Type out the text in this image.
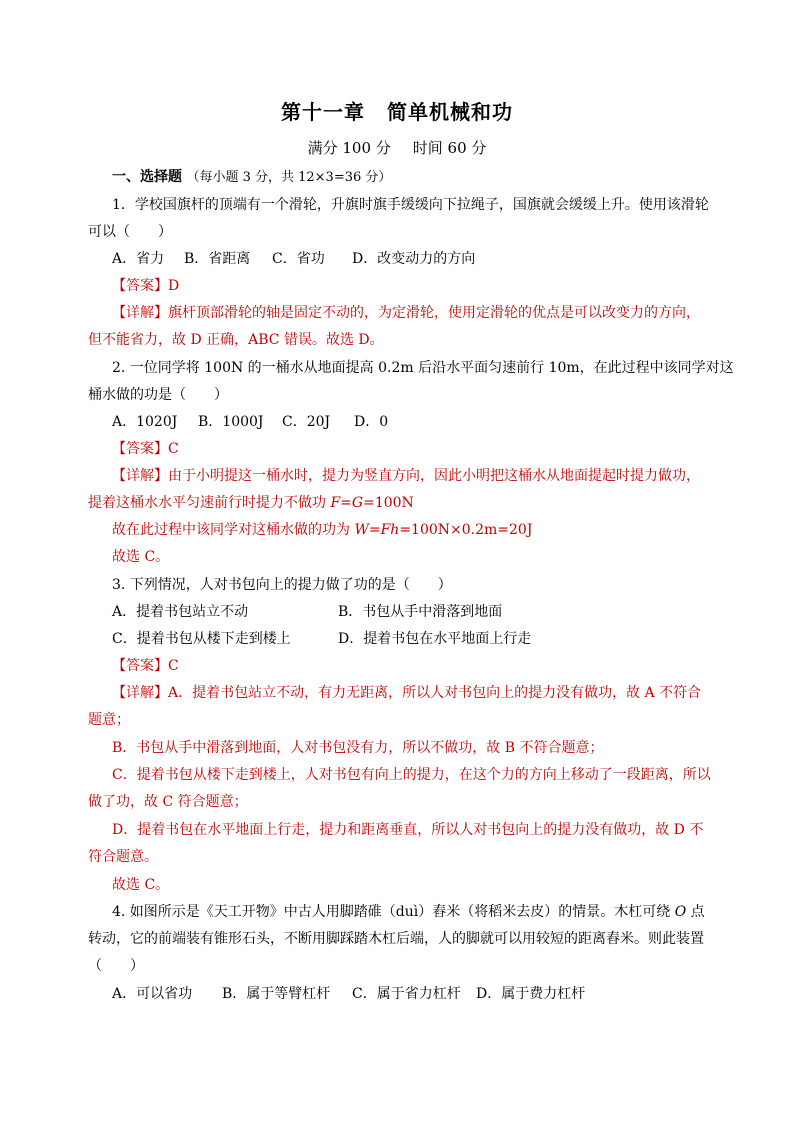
第十一章 简单机械和功
满分 100 分 时间 60 分
一、选择题 （每小题 3 分，共 12×3=36 分）
1．学校国旗杆的顶端有一个滑轮，升旗时旗手缓缓向下拉绳子，国旗就会缓缓上升。使用该滑轮
可以（　　）
A．省力 B．省距离 C．省功 D．改变动力的方向
【答案】D
【详解】旗杆顶部滑轮的轴是固定不动的，为定滑轮，使用定滑轮的优点是可以改变力的方向，
但不能省力，故 D 正确，ABC 错误。故选 D。
2. 一位同学将 100N 的一桶水从地面提高 0.2m 后沿水平面匀速前行 10m，在此过程中该同学对这
桶水做的功是（　　）
A．1020J B．1000J C．20J D．0
【答案】C
【详解】由于小明提这一桶水时，提力为竖直方向，因此小明把这桶水从地面提起时提力做功，
提着这桶水水平匀速前行时提力不做功 F=G=100N
故在此过程中该同学对这桶水做的功为 W=Fh=100N×0.2m=20J
故选 C。
3. 下列情况，人对书包向上的提力做了功的是（　　）
A．提着书包站立不动	B．书包从手中滑落到地面
C．提着书包从楼下走到楼上	D．提着书包在水平地面上行走
【答案】C
【详解】A．提着书包站立不动，有力无距离，所以人对书包向上的提力没有做功，故 A 不符合
题意；
B．书包从手中滑落到地面，人对书包没有力，所以不做功，故 B 不符合题意；
C．提着书包从楼下走到楼上，人对书包有向上的提力，在这个力的方向上移动了一段距离，所以
做了功，故 C 符合题意；
D．提着书包在水平地面上行走，提力和距离垂直，所以人对书包向上的提力没有做功，故 D 不
符合题意。
故选 C。
4. 如图所示是《天工开物》中古人用脚踏碓（duì）舂米（将稻米去皮）的情景。木杠可绕 O 点
转动，它的前端装有锥形石头，不断用脚踩踏木杠后端，人的脚就可以用较短的距离舂米。则此装置
（　　）
A．可以省功 B．属于等臂杠杆 C．属于省力杠杆 D．属于费力杠杆
